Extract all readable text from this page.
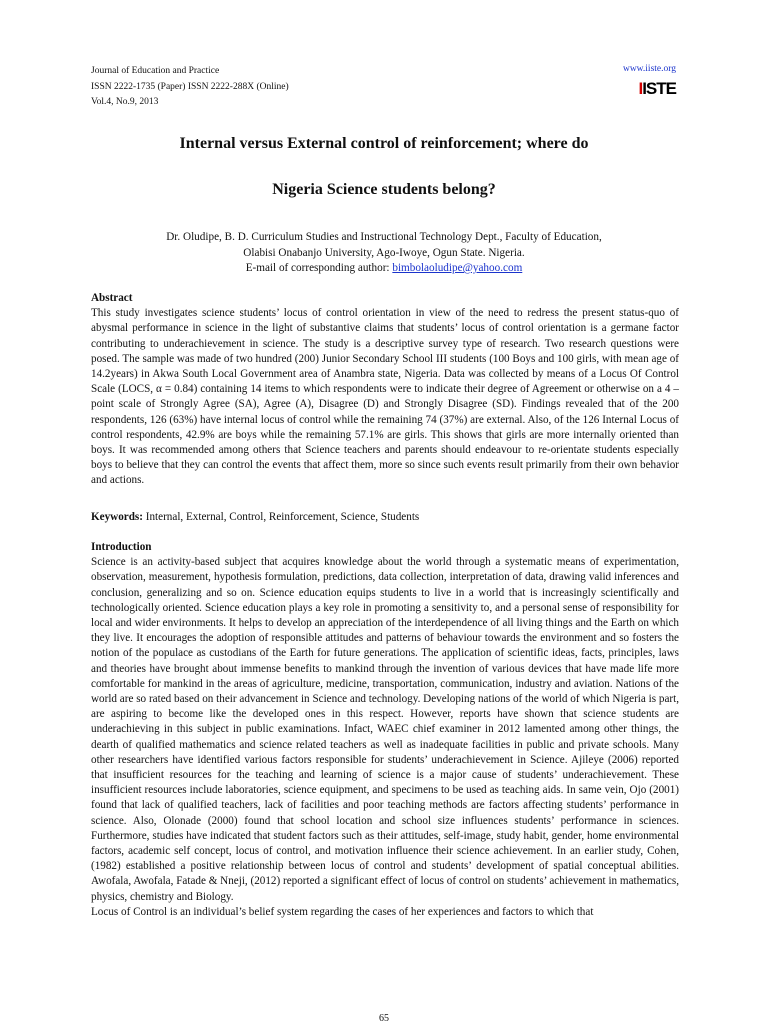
Journal of Education and Practice
ISSN 2222-1735 (Paper) ISSN 2222-288X (Online)
Vol.4, No.9, 2013
www.iiste.org
IISTE
Internal versus External control of reinforcement; where do
Nigeria Science students belong?
Dr. Oludipe, B. D. Curriculum Studies and Instructional Technology Dept., Faculty of Education,
Olabisi Onabanjo University, Ago-Iwoye, Ogun State. Nigeria.
E-mail of corresponding author: bimbolaoludipe@yahoo.com
Abstract

This study investigates science students’ locus of control orientation in view of the need to redress the present status-quo of abysmal performance in science in the light of substantive claims that students’ locus of control orientation is a germane factor contributing to underachievement in science. The study is a descriptive survey type of research. Two research questions were posed. The sample was made of two hundred (200) Junior Secondary School III students (100 Boys and 100 girls, with mean age of 14.2years) in Akwa South Local Government area of Anambra state, Nigeria. Data was collected by means of a Locus Of Control Scale (LOCS, α = 0.84) containing 14 items to which respondents were to indicate their degree of Agreement or otherwise on a 4 – point scale of Strongly Agree (SA), Agree (A), Disagree (D) and Strongly Disagree (SD). Findings revealed that of the 200 respondents, 126 (63%) have internal locus of control while the remaining 74 (37%) are external. Also, of the 126 Internal Locus of control respondents, 42.9% are boys while the remaining 57.1% are girls. This shows that girls are more internally oriented than boys. It was recommended among others that Science teachers and parents should endeavour to re-orientate students especially boys to believe that they can control the events that affect them, more so since such events result primarily from their own behavior and actions.

Keywords: Internal, External, Control, Reinforcement, Science, Students
Introduction

Science is an activity-based subject that acquires knowledge about the world through a systematic means of experimentation, observation, measurement, hypothesis formulation, predictions, data collection, interpretation of data, drawing valid inferences and conclusion, generalizing and so on. Science education equips students to live in a world that is increasingly scientifically and technologically oriented. Science education plays a key role in promoting a sensitivity to, and a personal sense of responsibility for local and wider environments. It helps to develop an appreciation of the interdependence of all living things and the Earth on which they live. It encourages the adoption of responsible attitudes and patterns of behaviour towards the environment and so fosters the notion of the populace as custodians of the Earth for future generations. The application of scientific ideas, facts, principles, laws and theories have brought about immense benefits to mankind through the invention of various devices that have made life more comfortable for mankind in the areas of agriculture, medicine, transportation, communication, industry and aviation. Nations of the world are so rated based on their advancement in Science and technology. Developing nations of the world of which Nigeria is part, are aspiring to become like the developed ones in this respect. However, reports have shown that science students are underachieving in this subject in public examinations. Infact, WAEC chief examiner in 2012 lamented among other things, the dearth of qualified mathematics and science related teachers as well as inadequate facilities in public and private schools. Many other researchers have identified various factors responsible for students’ underachievement in Science. Ajileye (2006) reported that insufficient resources for the teaching and learning of science is a major cause of students’ underachievement. These insufficient resources include laboratories, science equipment, and specimens to be used as teaching aids. In same vein, Ojo (2001) found that lack of qualified teachers, lack of facilities and poor teaching methods are factors affecting students’ performance in science. Also, Olonade (2000) found that school location and school size influences students’ performance in sciences. Furthermore, studies have indicated that student factors such as their attitudes, self-image, study habit, gender, home environmental factors, academic self concept, locus of control, and motivation influence their science achievement. In an earlier study, Cohen, (1982) established a positive relationship between locus of control and students’ development of spatial conceptual abilities. Awofala, Awofala, Fatade & Nneji, (2012) reported a significant effect of locus of control on students’ achievement in mathematics, physics, chemistry and Biology.

Locus of Control is an individual’s belief system regarding the cases of her experiences and factors to which that

65
